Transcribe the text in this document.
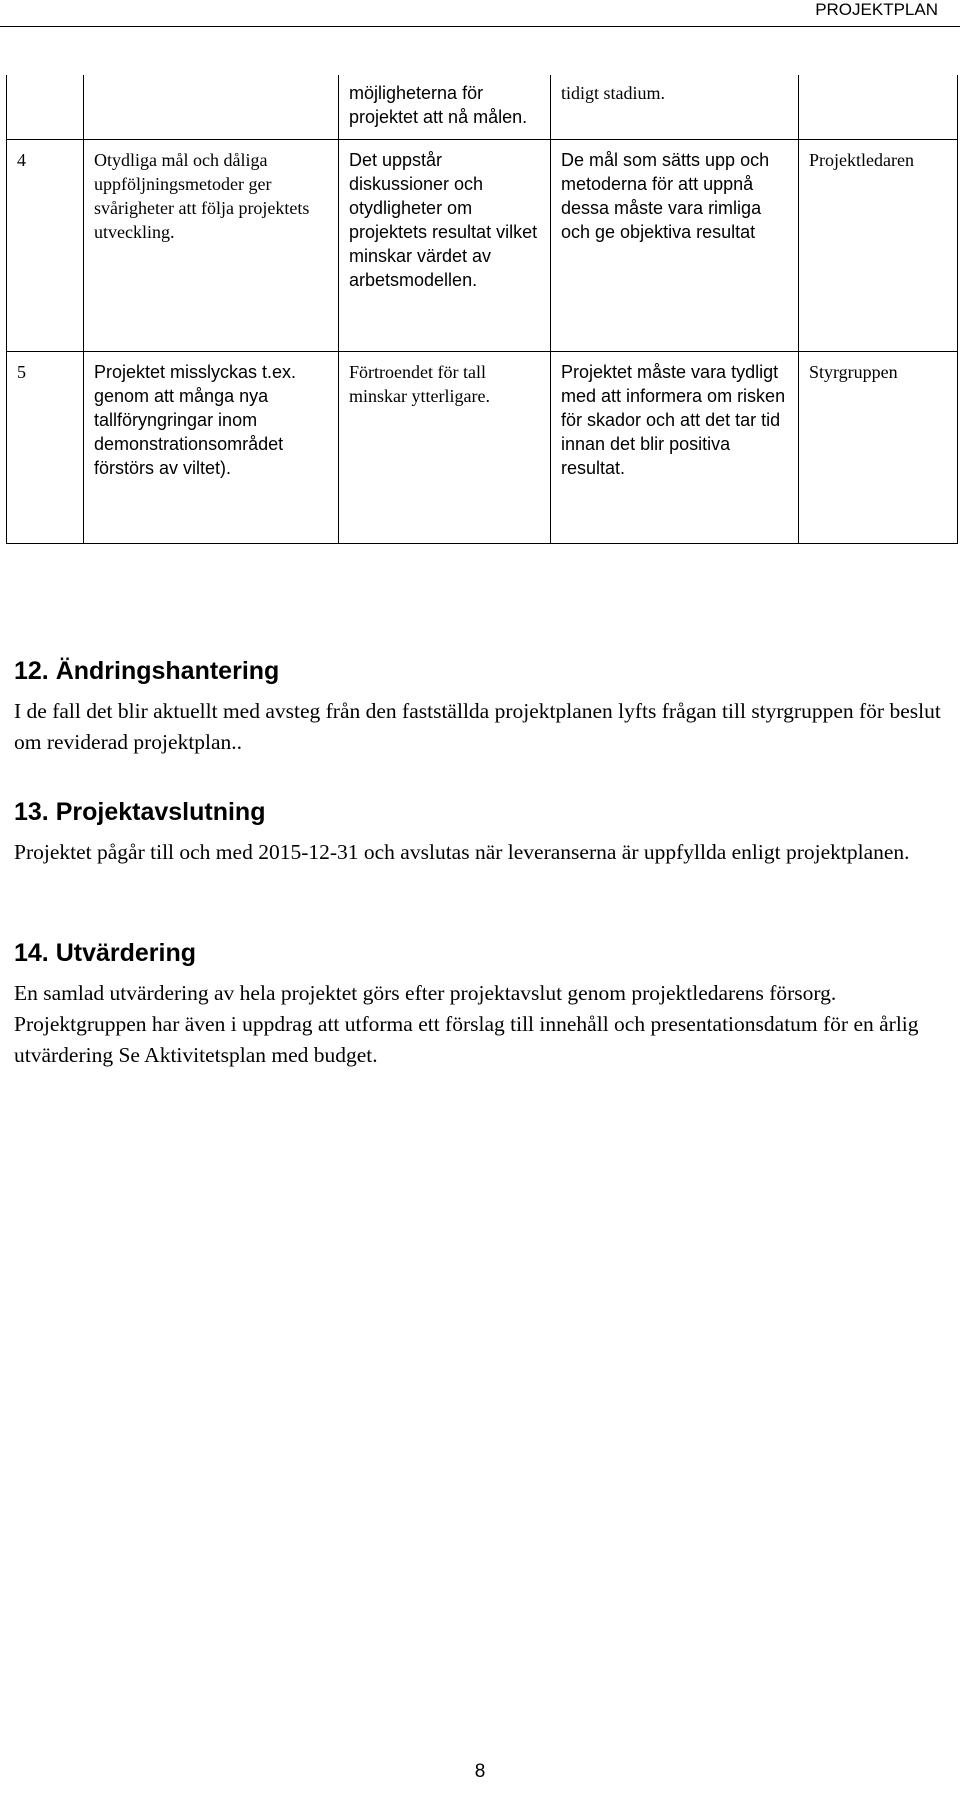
PROJEKTPLAN
		möjligheterna för projektet att nå målen.	tidigt stadium.	
4	Otydliga mål och dåliga uppföljningsmetoder ger svårigheter att följa projektets utveckling.	Det uppstår diskussioner och otydligheter om projektets resultat vilket minskar värdet av arbetsmodellen.	De mål som sätts upp och metoderna för att uppnå dessa måste vara rimliga och ge objektiva resultat	Projektledaren
5	Projektet misslyckas t.ex. genom att många nya tallföryngringar inom demonstrationsområdet förstörs av viltet).	Förtroendet för tall minskar ytterligare.	Projektet måste vara tydligt med att informera om risken för skador och att det tar tid innan det blir positiva resultat.	Styrgruppen
12. Ändringshantering

I de fall det blir aktuellt med avsteg från den fastställda projektplanen lyfts frågan till styrgruppen för beslut om reviderad projektplan..

13. Projektavslutning

Projektet pågår till och med 2015-12-31 och avslutas när leveranserna är uppfyllda enligt projektplanen.

14. Utvärdering

En samlad utvärdering av hela projektet görs efter projektavslut genom projektledarens försorg. Projektgruppen har även i uppdrag att utforma ett förslag till innehåll och presentationsdatum för en årlig utvärdering Se Aktivitetsplan med budget.

8
